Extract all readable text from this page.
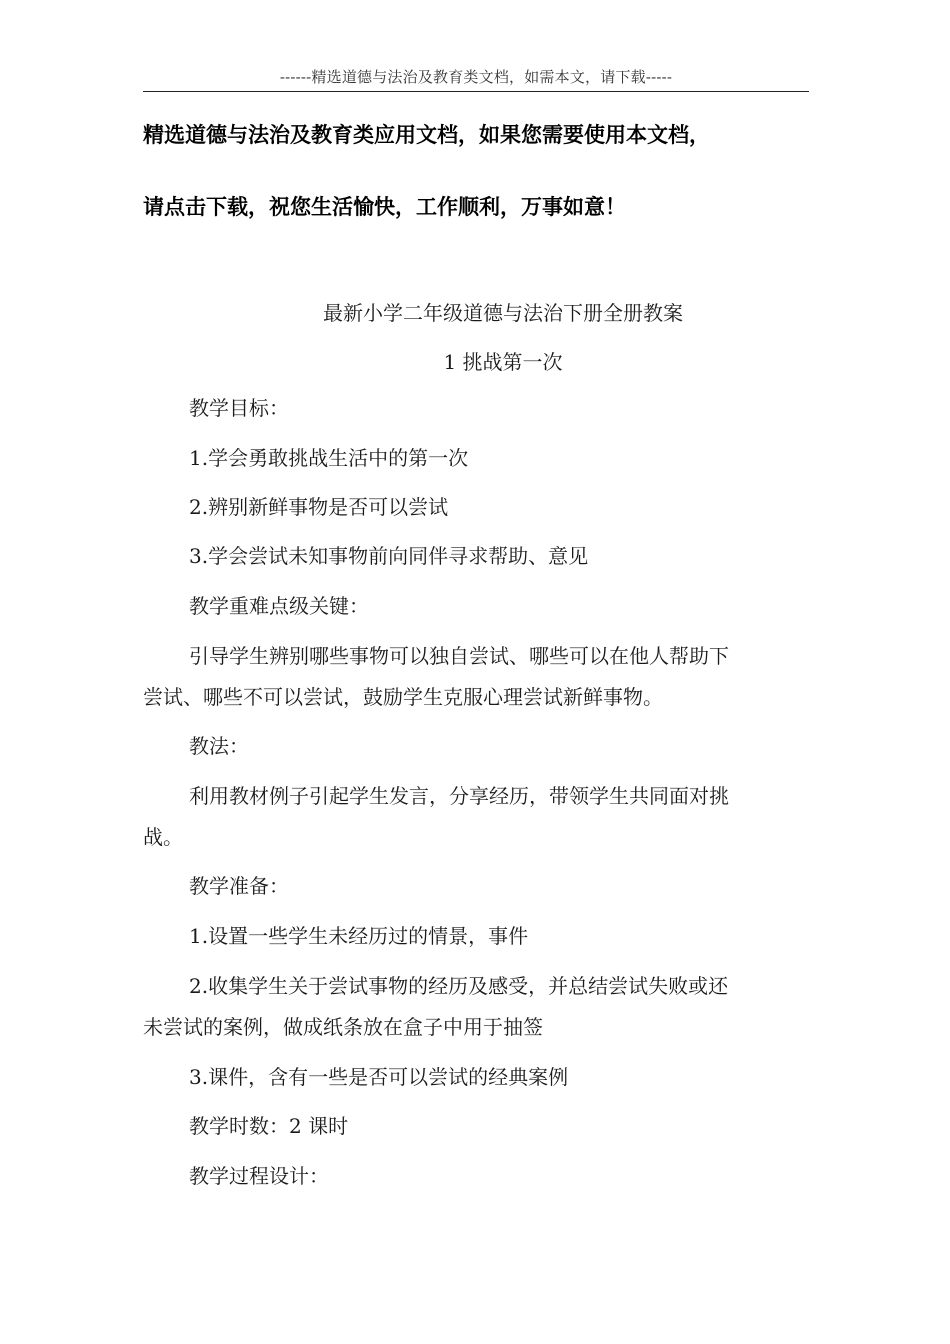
------精选道德与法治及教育类文档，如需本文，请下载-----
精选道德与法治及教育类应用文档，如果您需要使用本文档，
请点击下载，祝您生活愉快，工作顺利，万事如意！
最新小学二年级道德与法治下册全册教案
1 挑战第一次
教学目标：
1.学会勇敢挑战生活中的第一次
2.辨别新鲜事物是否可以尝试
3.学会尝试未知事物前向同伴寻求帮助、意见
教学重难点级关键：
引导学生辨别哪些事物可以独自尝试、哪些可以在他人帮助下
尝试、哪些不可以尝试，鼓励学生克服心理尝试新鲜事物。
教法：
利用教材例子引起学生发言，分享经历，带领学生共同面对挑
战。
教学准备：
1.设置一些学生未经历过的情景，事件
2.收集学生关于尝试事物的经历及感受，并总结尝试失败或还
未尝试的案例，做成纸条放在盒子中用于抽签
3.课件，含有一些是否可以尝试的经典案例
教学时数：2 课时
教学过程设计：
